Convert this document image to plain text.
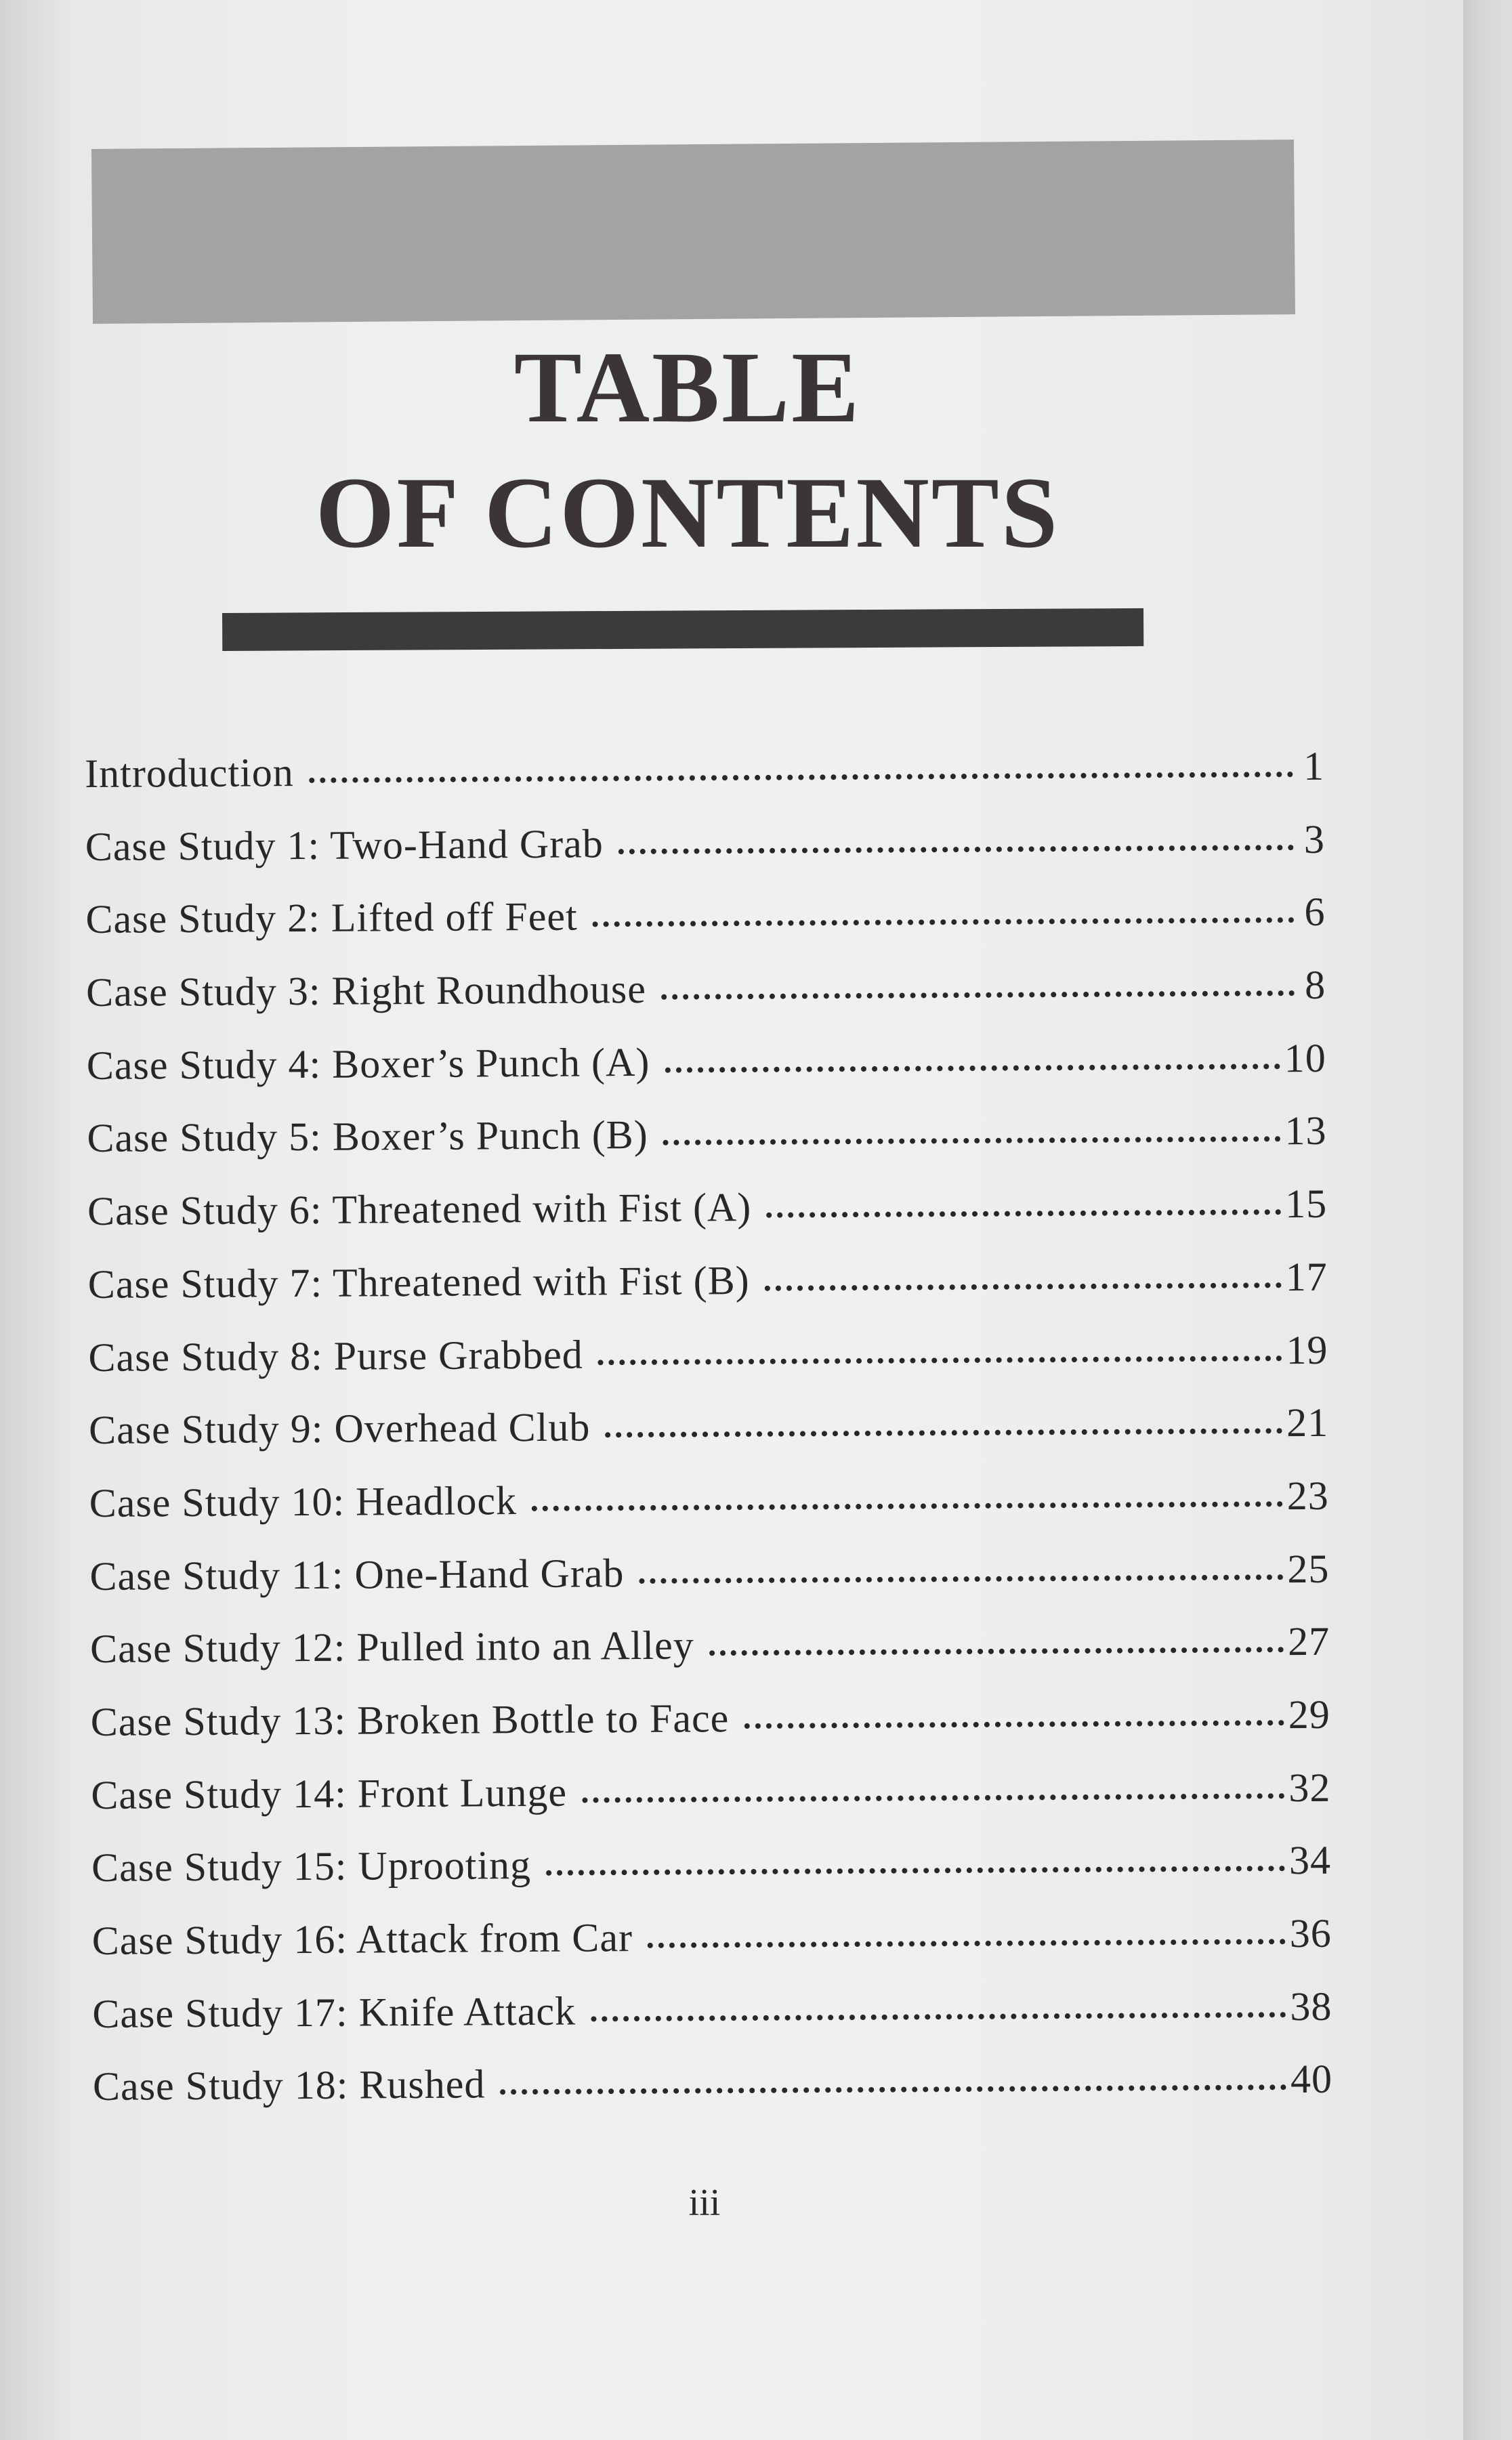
TABLE
OF CONTENTS
Introduction	1
Case Study 1: Two-Hand Grab	3
Case Study 2: Lifted off Feet	6
Case Study 3: Right Roundhouse	8
Case Study 4: Boxer’s Punch (A)	10
Case Study 5: Boxer’s Punch (B)	13
Case Study 6: Threatened with Fist (A)	15
Case Study 7: Threatened with Fist (B)	17
Case Study 8: Purse Grabbed	19
Case Study 9: Overhead Club	21
Case Study 10: Headlock	23
Case Study 11: One-Hand Grab	25
Case Study 12: Pulled into an Alley	27
Case Study 13: Broken Bottle to Face	29
Case Study 14: Front Lunge	32
Case Study 15: Uprooting	34
Case Study 16: Attack from Car	36
Case Study 17: Knife Attack	38
Case Study 18: Rushed	40
iii
